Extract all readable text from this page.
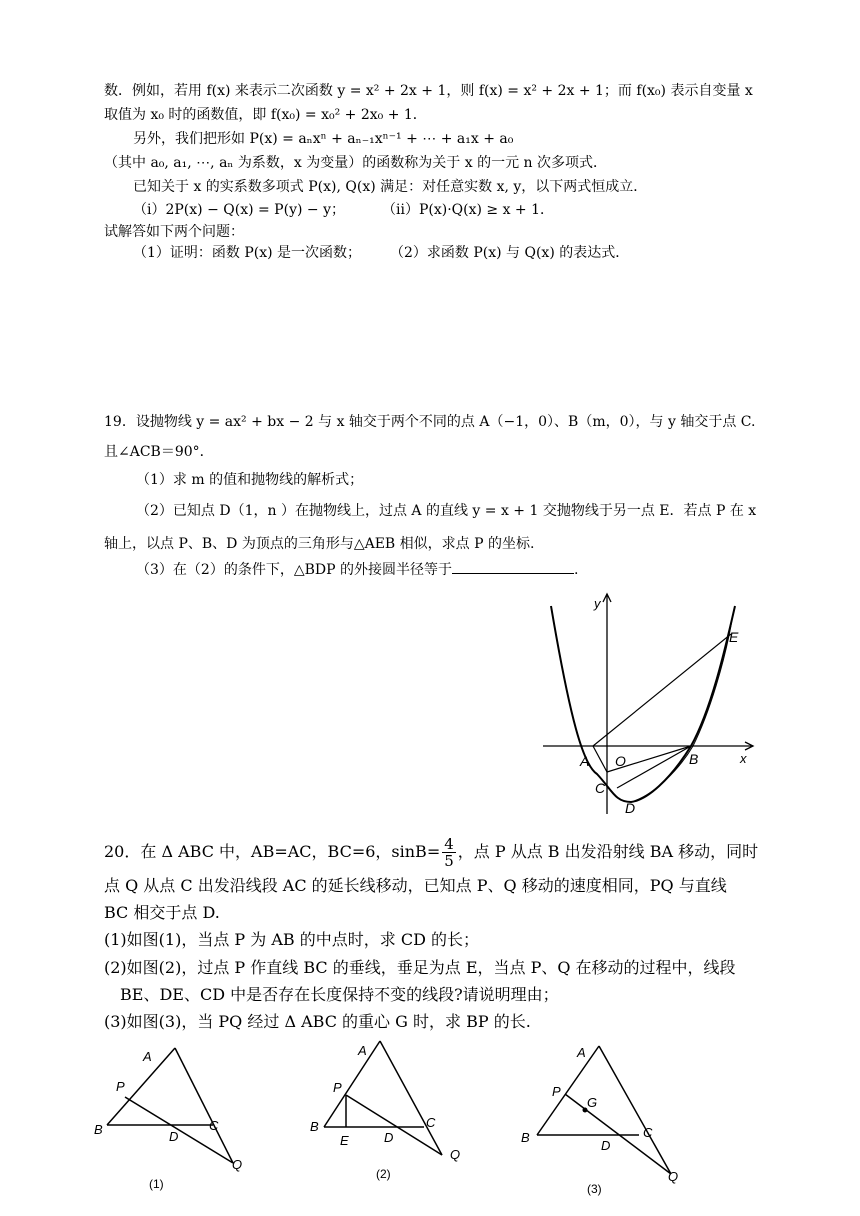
数．例如，若用 f(x) 来表示二次函数 y = x² + 2x + 1，则 f(x) = x² + 2x + 1；而 f(x₀) 表示自变量 x
取值为 x₀ 时的函数值，即 f(x₀) = x₀² + 2x₀ + 1．
另外，我们把形如 P(x) = aₙxⁿ + aₙ₋₁xⁿ⁻¹ + ⋯ + a₁x + a₀
（其中 a₀, a₁, ⋯, aₙ 为系数，x 为变量）的函数称为关于 x 的一元 n 次多项式．
已知关于 x 的实系数多项式 P(x), Q(x) 满足：对任意实数 x, y，以下两式恒成立．
（ⅰ）2P(x) − Q(x) = P(y) − y；	（ⅱ）P(x)·Q(x) ≥ x + 1．
试解答如下两个问题：
（1）证明：函数 P(x) 是一次函数； （2）求函数 P(x) 与 Q(x) 的表达式．
19．设抛物线 y = ax² + bx − 2 与 x 轴交于两个不同的点 A（−1，0）、B（m，0），与 y 轴交于点 C.
且∠ACB＝90°．
（1）求 m 的值和抛物线的解析式；
（2）已知点 D（1，n ）在抛物线上，过点 A 的直线 y = x + 1 交抛物线于另一点 E．若点 P 在 x
轴上，以点 P、B、D 为顶点的三角形与△AEB 相似，求点 P 的坐标.
（3）在（2）的条件下，△BDP 的外接圆半径等于	.
y
x
A O	B
C
D
E
20．在 Δ ABC 中，AB=AC，BC=6，$\sin B= \frac{4}{5}$ ，点 P 从点 B 出发沿射线 BA 移动，同时
点 Q 从点 C 出发沿线段 AC 的延长线移动，已知点 P、Q 移动的速度相同，PQ 与直线
BC 相交于点 D.
(1)如图(1)，当点 P 为 AB 的中点时，求 CD 的长；
(2)如图(2)，过点 P 作直线 BC 的垂线，垂足为点 E，当点 P、Q 在移动的过程中，线段
BE、DE、CD 中是否存在长度保持不变的线段?请说明理由；
(3)如图(3)，当 PQ 经过 Δ ABC 的重心 G 时，求 BP 的长.
A
P
B	D
C
Q
(1)
A
P
B
E	D
C
Q
(2)
A
P
G
B
D
C
Q
(3)
